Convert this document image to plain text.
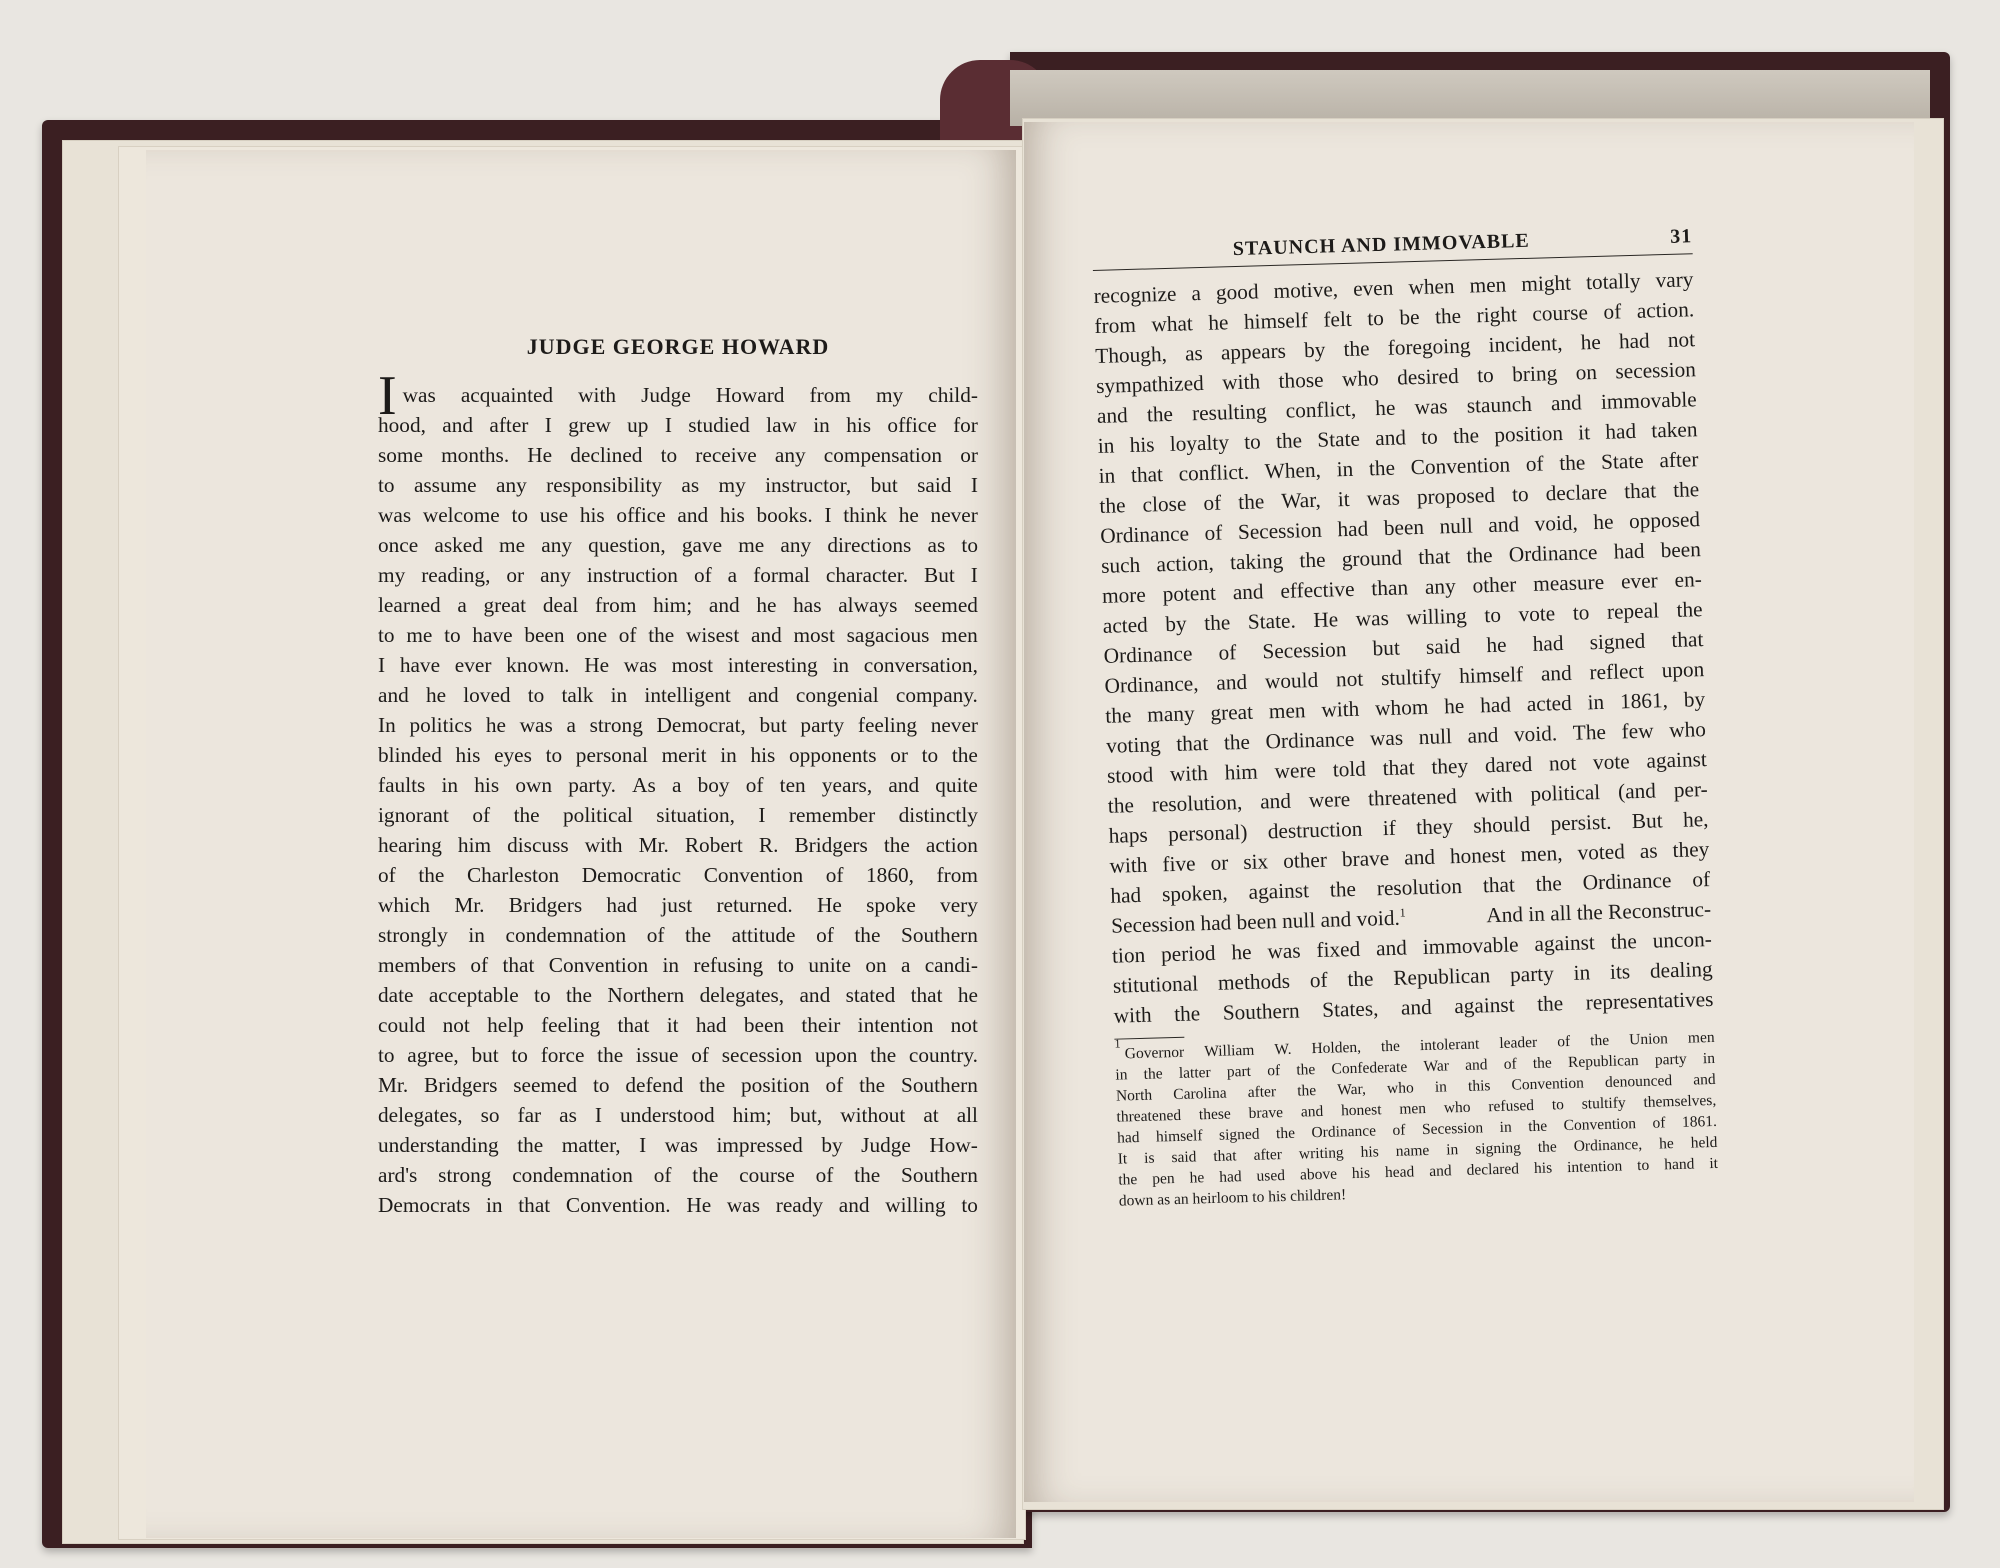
JUDGE GEORGE HOWARD
I was acquainted with Judge Howard from my child-
hood, and after I grew up I studied law in his office for
some months. He declined to receive any compensation or
to assume any responsibility as my instructor, but said I
was welcome to use his office and his books. I think he never
once asked me any question, gave me any directions as to
my reading, or any instruction of a formal character. But I
learned a great deal from him; and he has always seemed
to me to have been one of the wisest and most sagacious men
I have ever known. He was most interesting in conversation,
and he loved to talk in intelligent and congenial company.
In politics he was a strong Democrat, but party feeling never
blinded his eyes to personal merit in his opponents or to the
faults in his own party. As a boy of ten years, and quite
ignorant of the political situation, I remember distinctly
hearing him discuss with Mr. Robert R. Bridgers the action
of the Charleston Democratic Convention of 1860, from
which Mr. Bridgers had just returned. He spoke very
strongly in condemnation of the attitude of the Southern
members of that Convention in refusing to unite on a candi-
date acceptable to the Northern delegates, and stated that he
could not help feeling that it had been their intention not
to agree, but to force the issue of secession upon the country.
Mr. Bridgers seemed to defend the position of the Southern
delegates, so far as I understood him; but, without at all
understanding the matter, I was impressed by Judge How-
ard's strong condemnation of the course of the Southern
Democrats in that Convention. He was ready and willing to
STAUNCH AND IMMOVABLE	31
recognize a good motive, even when men might totally vary
from what he himself felt to be the right course of action.
Though, as appears by the foregoing incident, he had not
sympathized with those who desired to bring on secession
and the resulting conflict, he was staunch and immovable
in his loyalty to the State and to the position it had taken
in that conflict. When, in the Convention of the State after
the close of the War, it was proposed to declare that the
Ordinance of Secession had been null and void, he opposed
such action, taking the ground that the Ordinance had been
more potent and effective than any other measure ever en-
acted by the State. He was willing to vote to repeal the
Ordinance of Secession but said he had signed that
Ordinance, and would not stultify himself and reflect upon
the many great men with whom he had acted in 1861, by
voting that the Ordinance was null and void. The few who
stood with him were told that they dared not vote against
the resolution, and were threatened with political (and per-
haps personal) destruction if they should persist. But he,
with five or six other brave and honest men, voted as they
had spoken, against the resolution that the Ordinance of
Secession had been null and void.$^1$	And in all the Reconstruc-
tion period he was fixed and immovable against the uncon-
stitutional methods of the Republican party in its dealing
with the Southern States, and against the representatives
1
Governor William W. Holden, the intolerant leader of the Union men
in the latter part of the Confederate War and of the Republican party in
North Carolina after the War, who in this Convention denounced and
threatened these brave and honest men who refused to stultify themselves,
had himself signed the Ordinance of Secession in the Convention of 1861.
It is said that after writing his name in signing the Ordinance, he held
the pen he had used above his head and declared his intention to hand it
down as an heirloom to his children!
